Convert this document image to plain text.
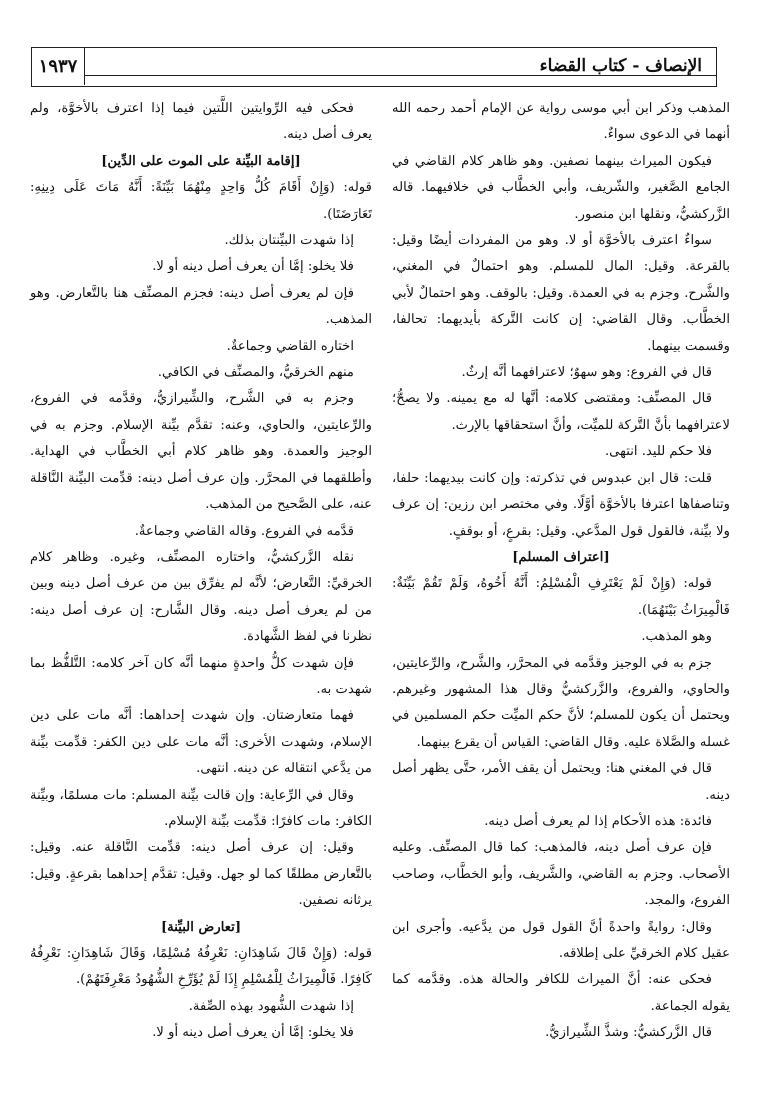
الإنصاف - كتاب القضاء
١٩٣٧

المذهب وذكر ابن أبي موسى رواية عن الإمام أحمد رحمه الله أنهما في الدعوى سواءٌ.

فيكون الميراث بينهما نصفين. وهو ظاهر كلام القاضي في الجامع الصَّغير، والشّريف، وأبي الخطَّاب في خلافيهما. قاله الزَّركشيُّ، ونقلها ابن منصور.

سواءٌ اعترف بالأخوَّة أو لا. وهو من المفردات أيضًا وقيل: بالقرعة. وقيل: المال للمسلم. وهو احتمالٌ في المغني، والشَّرح. وجزم به في العمدة. وقيل: بالوقف. وهو احتمالٌ لأبي الخطَّاب. وقال القاضي: إن كانت التَّركة بأيديهما: تحالفا، وقسمت بينهما.

قال في الفروع: وهو سهوٌ؛ لاعترافهما أنَّه إرثٌ.

قال المصنِّف: ومقتضى كلامه: أنَّها له مع يمينه. ولا يصحُّ؛ لاعترافهما بأنَّ التَّركة للميِّت، وأنَّ استحقاقها بالإرث.

فلا حكم لليد. انتهى.

قلت: قال ابن عبدوس في تذكرته: وإن كانت بيديهما: حلفا، وتناصفاها اعترفا بالأخوَّة أوَّلًا. وفي مختصر ابن رزين: إن عرف ولا بيِّنة، فالقول قول المدَّعي. وقيل: بقرعٍ، أو بوقفٍ.

[اعتراف المسلم]

قوله: (وَإِنْ لَمْ يَعْتَرِفِ الْمُسْلِمُ: أَنَّهُ أَخُوهُ، وَلَمْ تَقُمْ بَيِّنَةٌ: فَالْمِيرَاثُ بَيْنَهُمَا).

وهو المذهب.

جزم به في الوجيز وقدَّمه في المحرَّر، والشَّرح، والرِّعايتين، والحاوي، والفروع، والزَّركشيُّ وقال هذا المشهور وغيرهم. ويحتمل أن يكون للمسلم؛ لأنَّ حكم الميِّت حكم المسلمين في غسله والصَّلاة عليه. وقال القاضي: القياس أن يقرع بينهما.

قال في المغني هنا: ويحتمل أن يقف الأمر، حتَّى يظهر أصل دينه.

فائدة: هذه الأحكام إذا لم يعرف أصل دينه.

فإن عرف أصل دينه، فالمذهب: كما قال المصنِّف. وعليه الأصحاب. وجزم به القاضي، والشَّريف، وأبو الخطَّاب، وصاحب الفروع، والمجد.

وقال: روايةً واحدةً أنَّ القول قول من يدَّعيه. وأجرى ابن عقيل كلام الخرقيِّ على إطلاقه.

فحكى عنه: أنَّ الميراث للكافر والحالة هذه. وقدَّمه كما يقوله الجماعة.

قال الزَّركشيُّ: وشذَّ الشِّيرازيُّ.

فحكى فيه الرِّوايتين اللَّتين فيما إذا اعترف بالأخوَّة، ولم يعرف أصل دينه.

[إقامة البيِّنة على الموت على الدِّين]

قوله: (وَإِنْ أَقَامَ كُلُّ وَاحِدٍ مِنْهُمَا بَيِّنَةً: أَنَّهُ مَاتَ عَلَى دِينِهِ: تَعَارَضَتَا).

إذا شهدت البيِّنتان بذلك.

فلا يخلو: إمَّا أن يعرف أصل دينه أو لا.

فإن لم يعرف أصل دينه: فجزم المصنِّف هنا بالتَّعارض. وهو المذهب.

اختاره القاضي وجماعةٌ.

منهم الخرقيُّ، والمصنِّف في الكافي.

وجزم به في الشَّرح، والشِّيرازيُّ، وقدَّمه في الفروع، والرِّعايتين، والحاوي، وعنه: تقدَّم بيِّنة الإسلام. وجزم به في الوجيز والعمدة. وهو ظاهر كلام أبي الخطَّاب في الهداية. وأطلقهما في المحرَّر. وإن عرف أصل دينه: قدِّمت البيِّنة النَّاقلة عنه، على الصَّحيح من المذهب.

قدَّمه في الفروع. وقاله القاضي وجماعةٌ.

نقله الزَّركشيُّ، واختاره المصنِّف، وغيره. وظاهر كلام الخرقيِّ: التَّعارض؛ لأنَّه لم يفرِّق بين من عرف أصل دينه وبين من لم يعرف أصل دينه. وقال الشَّارح: إن عرف أصل دينه: نظرنا في لفظ الشَّهادة.

فإن شهدت كلُّ واحدةٍ منهما أنَّه كان آخر كلامه: التَّلفُّظ بما شهدت به.

فهما متعارضتان. وإن شهدت إحداهما: أنَّه مات على دين الإسلام، وشهدت الأخرى: أنَّه مات على دين الكفر: قدِّمت بيِّنة من يدَّعي انتقاله عن دينه. انتهى.

وقال في الرِّعاية: وإن قالت بيِّنة المسلم: مات مسلمًا، وبيِّنة الكافر: مات كافرًا: قدِّمت بيِّنة الإسلام.

وقيل: إن عرف أصل دينه: قدِّمت النَّاقلة عنه. وقيل: بالتَّعارض مطلقًا كما لو جهل. وقيل: تقدَّم إحداهما بقرعةٍ. وقيل: يرثانه نصفين.

[تعارض البيِّنة]

قوله: (وَإِنْ قَالَ شَاهِدَانِ: نَعْرِفُهُ مُسْلِمًا، وَقَالَ شَاهِدَانِ: نَعْرِفُهُ كَافِرًا. فَالْمِيرَاثُ لِلْمُسْلِمِ إِذَا لَمْ يُؤَرِّخِ الشُّهُودُ مَعْرِفَتَهُمْ).

إذا شهدت الشُّهود بهذه الصِّفة.

فلا يخلو: إمَّا أن يعرف أصل دينه أو لا.
